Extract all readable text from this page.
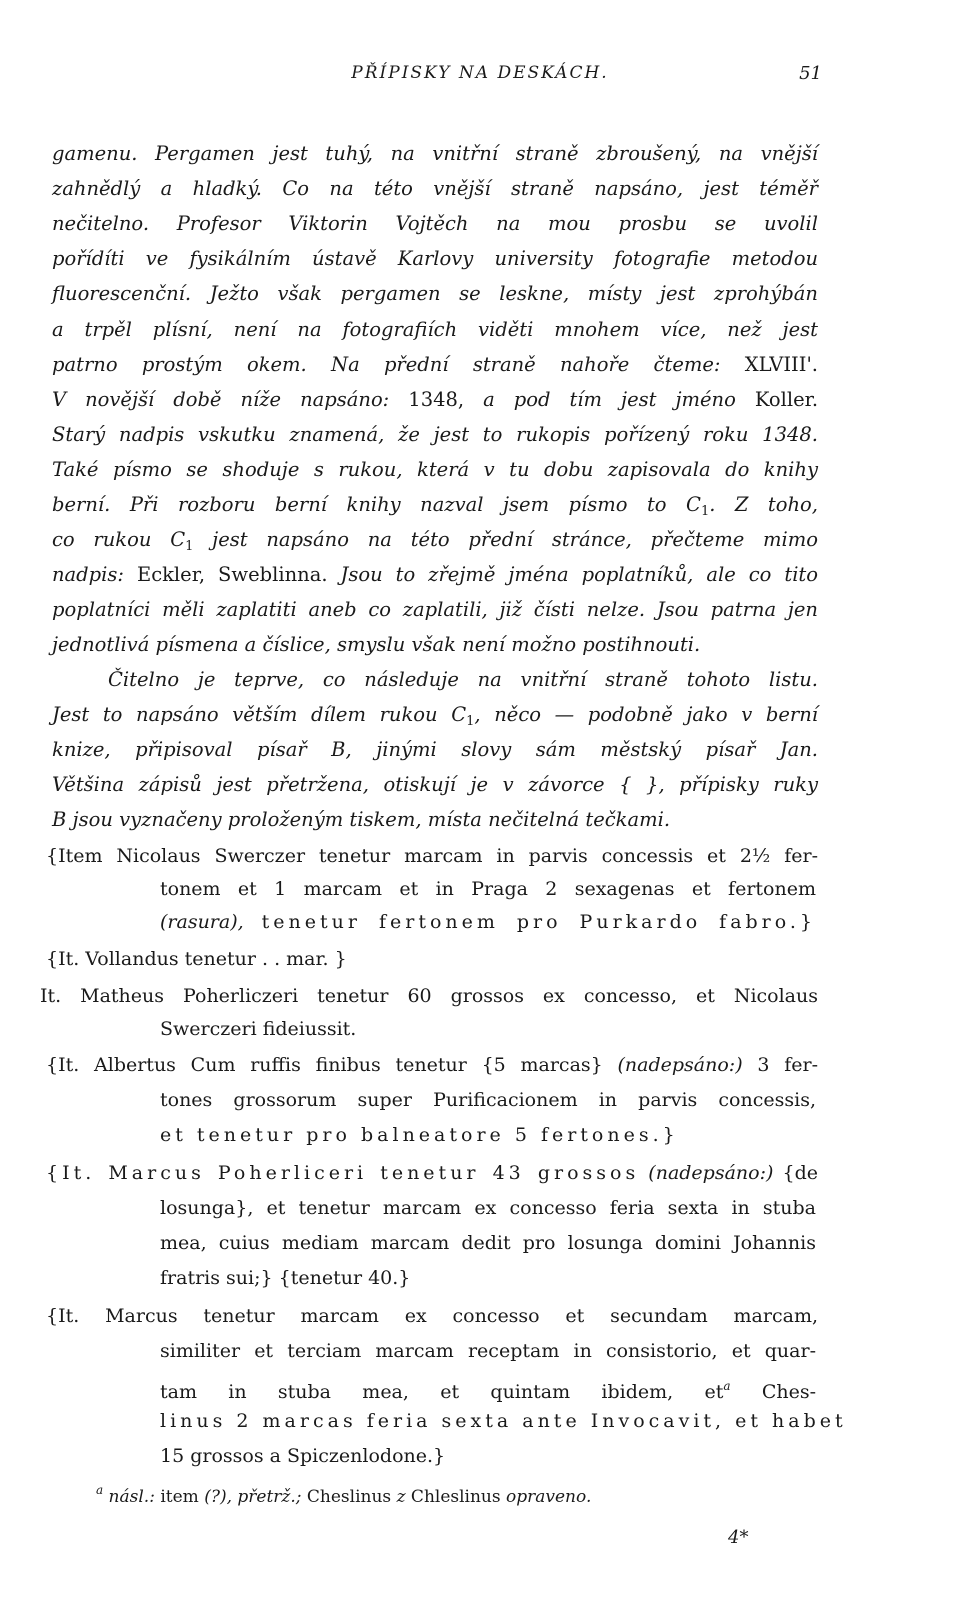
PŘÍPISKY NA DESKÁCH.	51
gamenu. Pergamen jest tuhý, na vnitřní straně zbroušený, na vnější
zahnědlý a hladký. Co na této vnější straně napsáno, jest téměř
nečitelno. Profesor Viktorin Vojtěch na mou prosbu se uvolil
pořídíti ve fysikálním ústavě Karlovy university fotografie metodou
fluorescenční. Ježto však pergamen se leskne, místy jest zprohýbán
a trpěl plísní, není na fotografiích viděti mnohem více, než jest
patrno prostým okem. Na přední straně nahoře čteme: XLVIII'.
V novější době níže napsáno: 1348, a pod tím jest jméno Koller.
Starý nadpis vskutku znamená, že jest to rukopis pořízený roku 1348.
Také písmo se shoduje s rukou, která v tu dobu zapisovala do knihy
berní. Při rozboru berní knihy nazval jsem písmo to $C_1$. Z toho,
co rukou $C_1$ jest napsáno na této přední stránce, přečteme mimo
nadpis: Eckler, Sweblinna. Jsou to zřejmě jména poplatníků, ale co tito
poplatníci měli zaplatiti aneb co zaplatili, již čísti nelze. Jsou patrna jen
jednotlivá písmena a číslice, smyslu však není možno postihnouti.
Čitelno je teprve, co následuje na vnitřní straně tohoto listu.
Jest to napsáno větším dílem rukou $C_1$, něco — podobně jako v berní
knize, připisoval písař B, jinými slovy sám městský písař Jan.
Většina zápisů jest přetržena, otiskují je v závorce { }, přípisky ruky
B jsou vyznačeny proloženým tiskem, místa nečitelná tečkami.
{Item Nicolaus Swerczer tenetur marcam in parvis concessis et 2½ fer-
tonem et 1 marcam et in Praga 2 sexagenas et fertonem
(rasura), tenetur fertonem pro Purkardo fabro.}
{It. Vollandus tenetur . . mar. }
It. Matheus Poherliczeri tenetur 60 grossos ex concesso, et Nicolaus
Swerczeri fideiussit.
{It. Albertus Cum ruffis finibus tenetur {5 marcas} (nadepsáno:) 3 fer-
tones grossorum super Purificacionem in parvis concessis,
et tenetur pro balneatore 5 fertones.}
{It. Marcus Poherliceri tenetur 43 grossos (nadepsáno:) {de
losunga}, et tenetur marcam ex concesso feria sexta in stuba
mea, cuius mediam marcam dedit pro losunga domini Johannis
fratris sui;} {tenetur 40.}
{It. Marcus tenetur marcam ex concesso et secundam marcam,
similiter et terciam marcam receptam in consistorio, et quar-
tam in stuba mea, et quintam ibidem, $et^a$ Ches-
linus 2 marcas feria sexta ante Invocavit, et habet
15 grossos a Spiczenlodone.}
$^a$ násl.: item (?), přetrž.; Cheslinus z Chleslinus opraveno.
4*
